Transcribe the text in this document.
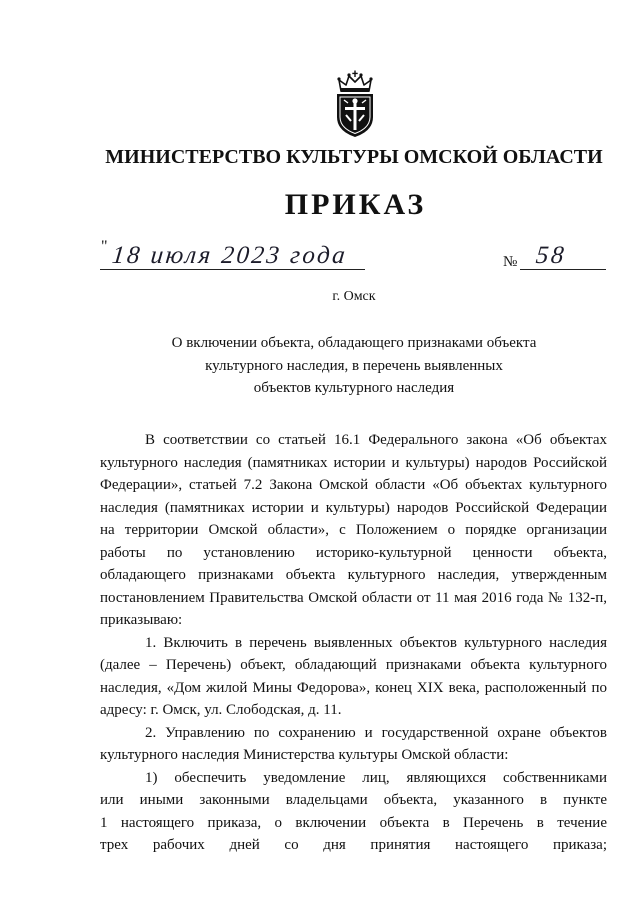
МИНИСТЕРСТВО КУЛЬТУРЫ ОМСКОЙ ОБЛАСТИ
ПРИКАЗ
" 18 июля 2023 года	№ 58
г. Омск
О включении объекта, обладающего признаками объекта
культурного наследия, в перечень выявленных
объектов культурного наследия
В соответствии со статьей 16.1 Федерального закона «Об объектах
культурного наследия (памятниках истории и культуры) народов Российской
Федерации», статьей 7.2 Закона Омской области «Об объектах культурного
наследия (памятниках истории и культуры) народов Российской Федерации
на территории Омской области», с Положением о порядке организации
работы по установлению историко-культурной ценности объекта,
обладающего признаками объекта культурного наследия, утвержденным
постановлением Правительства Омской области от 11 мая 2016 года № 132-п,
приказываю:
1. Включить в перечень выявленных объектов культурного наследия
(далее – Перечень) объект, обладающий признаками объекта культурного
наследия, «Дом жилой Мины Федорова», конец XIX века, расположенный по
адресу: г. Омск, ул. Слободская, д. 11.
2. Управлению по сохранению и государственной охране объектов
культурного наследия Министерства культуры Омской области:
1) обеспечить уведомление лиц, являющихся собственниками
или иными законными владельцами объекта, указанного в пункте
1 настоящего приказа, о включении объекта в Перечень в течение
трех рабочих дней со дня принятия настоящего приказа;
